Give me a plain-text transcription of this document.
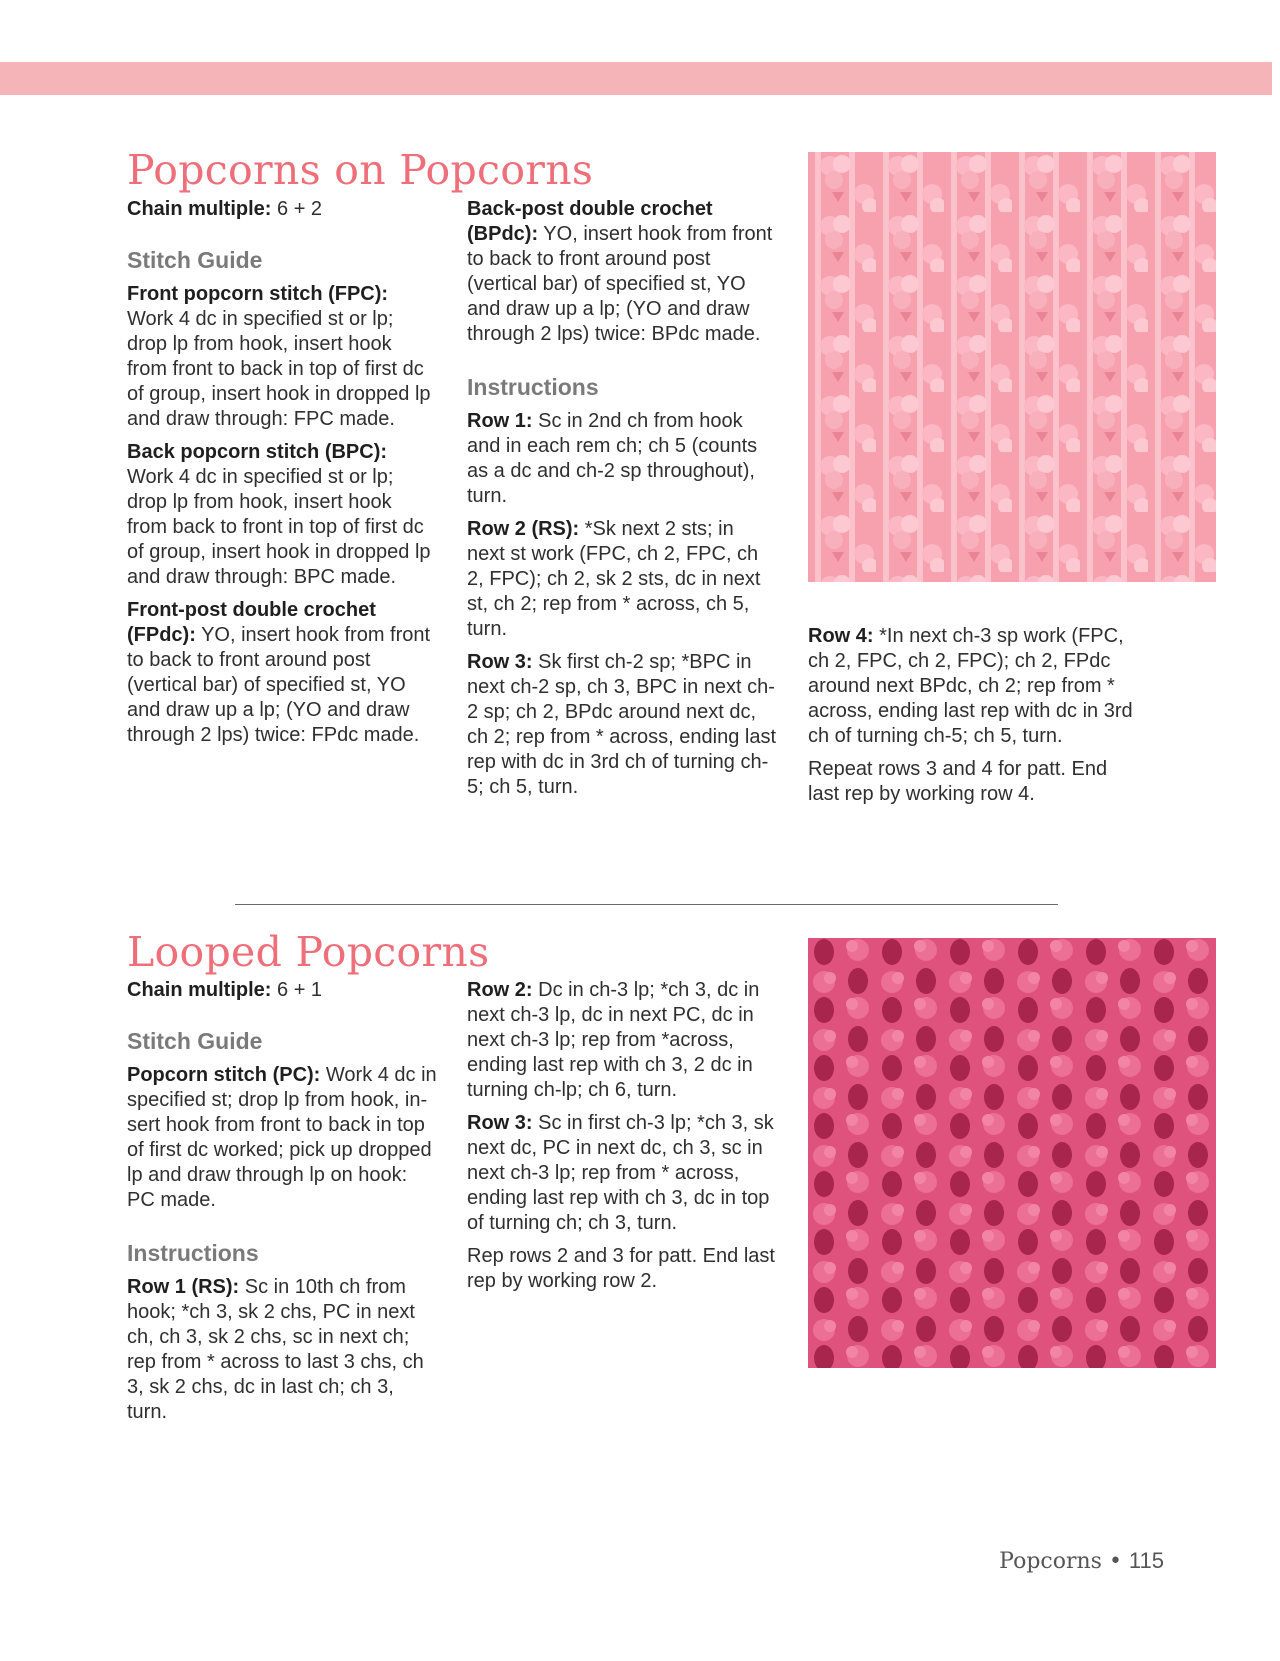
Popcorns on Popcorns

Chain multiple: 6 + 2

Stitch Guide

Front popcorn stitch (FPC): Work 4 dc in specified st or lp; drop lp from hook, insert hook from front to back in top of first dc of group, insert hook in dropped lp and draw through: FPC made.

Back popcorn stitch (BPC): Work 4 dc in specified st or lp; drop lp from hook, insert hook from back to front in top of first dc of group, insert hook in dropped lp and draw through: BPC made.

Front-post double crochet (FPdc): YO, insert hook from front to back to front around post (vertical bar) of specified st, YO and draw up a lp; (YO and draw through 2 lps) twice: FPdc made.

Back-post double crochet (BPdc): YO, insert hook from front to back to front around post (vertical bar) of specified st, YO and draw up a lp; (YO and draw through 2 lps) twice: BPdc made.

Instructions

Row 1: Sc in 2nd ch from hook and in each rem ch; ch 5 (counts as a dc and ch-2 sp throughout), turn.

Row 2 (RS): *Sk next 2 sts; in next st work (FPC, ch 2, FPC, ch 2, FPC); ch 2, sk 2 sts, dc in next st, ch 2; rep from * across, ch 5, turn.

Row 3: Sk first ch-2 sp; *BPC in next ch-2 sp, ch 3, BPC in next ch-2 sp; ch 2, BPdc around next dc, ch 2; rep from * across, ending last rep with dc in 3rd ch of turning ch-5; ch 5, turn.

Row 4: *In next ch-3 sp work (FPC, ch 2, FPC, ch 2, FPC); ch 2, FPdc around next BPdc, ch 2; rep from * across, ending last rep with dc in 3rd ch of turning ch-5; ch 5, turn.

Repeat rows 3 and 4 for patt. End last rep by working row 4.

Looped Popcorns

Chain multiple: 6 + 1

Stitch Guide

Popcorn stitch (PC): Work 4 dc in specified st; drop lp from hook, in-sert hook from front to back in top of first dc worked; pick up dropped lp and draw through lp on hook: PC made.

Instructions

Row 1 (RS): Sc in 10th ch from hook; *ch 3, sk 2 chs, PC in next ch, ch 3, sk 2 chs, sc in next ch; rep from * across to last 3 chs, ch 3, sk 2 chs, dc in last ch; ch 3, turn.

Row 2: Dc in ch-3 lp; *ch 3, dc in next ch-3 lp, dc in next PC, dc in next ch-3 lp; rep from *across, ending last rep with ch 3, 2 dc in turning ch-lp; ch 6, turn.

Row 3: Sc in first ch-3 lp; *ch 3, sk next dc, PC in next dc, ch 3, sc in next ch-3 lp; rep from * across, ending last rep with ch 3, dc in top of turning ch; ch 3, turn.

Rep rows 2 and 3 for patt. End last rep by working row 2.

Popcorns • 115
